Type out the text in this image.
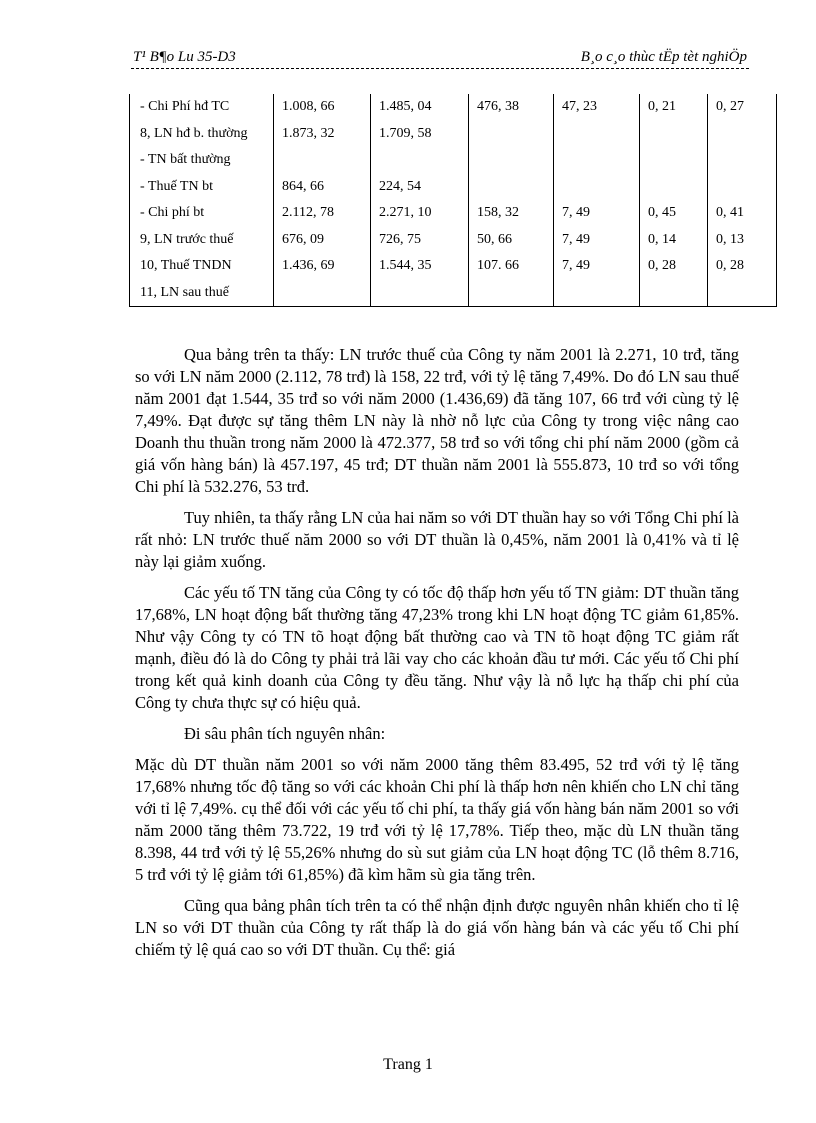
T¹ B¶o Lu 35-D3	B¸o c¸o thùc tËp tèt nghiÖp
- Chi Phí hđ TC	1.008, 66	1.485, 04	476, 38	47, 23	0, 21	0, 27
8, LN hđ b. thường	1.873, 32	1.709, 58				
- TN bất thường						
- Thuế TN bt	864, 66	224, 54				
- Chi phí bt	2.112, 78	2.271, 10	158, 32	7, 49	0, 45	0, 41
9, LN trước thuế	676, 09	726, 75	50, 66	7, 49	0, 14	0, 13
10, Thuế TNDN	1.436, 69	1.544, 35	107. 66	7, 49	0, 28	0, 28
11, LN sau thuế						

Qua bảng trên ta thấy: LN trước thuế của Công ty năm 2001 là 2.271, 10 trđ, tăng so với LN năm 2000 (2.112, 78 trđ) là 158, 22 trđ, với tỷ lệ tăng 7,49%. Do đó LN sau thuế năm 2001 đạt 1.544, 35 trđ so với năm 2000 (1.436,69) đã tăng 107, 66 trđ với cùng tỷ lệ 7,49%. Đạt được sự tăng thêm LN này là nhờ nỗ lực của Công ty trong việc nâng cao Doanh thu thuần trong năm 2000 là 472.377, 58 trđ so với tổng chi phí năm 2000 (gồm cả giá vốn hàng bán) là 457.197, 45 trđ; DT thuần năm 2001 là 555.873, 10 trđ so với tổng Chi phí là 532.276, 53 trđ.

Tuy nhiên, ta thấy rằng LN của hai năm so với DT thuần hay so với Tổng Chi phí là rất nhỏ: LN trước thuế năm 2000 so với DT thuần là 0,45%, năm 2001 là 0,41% và tỉ lệ này lại giảm xuống.

Các yếu tố TN tăng của Công ty có tốc độ thấp hơn yếu tố TN giảm: DT thuần tăng 17,68%, LN hoạt động bất thường tăng 47,23% trong khi LN hoạt động TC giảm 61,85%. Như vậy Công ty có TN tõ hoạt động bất thường cao và TN tõ hoạt động TC giảm rất mạnh, điều đó là do Công ty phải trả lãi vay cho các khoản đầu tư mới. Các yếu tố Chi phí trong kết quả kinh doanh của Công ty đều tăng. Như vậy là nỗ lực hạ thấp chi phí của Công ty chưa thực sự có hiệu quả.

Đi sâu phân tích nguyên nhân:

Mặc dù DT thuần năm 2001 so với năm 2000 tăng thêm 83.495, 52 trđ với tỷ lệ tăng 17,68% nhưng tốc độ tăng so với các khoản Chi phí là thấp hơn nên khiến cho LN chỉ tăng với tỉ lệ 7,49%. cụ thể đối với các yếu tố chi phí, ta thấy giá vốn hàng bán năm 2001 so với năm 2000 tăng thêm 73.722, 19 trđ với tỷ lệ 17,78%. Tiếp theo, mặc dù LN thuần tăng 8.398, 44 trđ với tỷ lệ 55,26% nhưng do sù sut giảm của LN hoạt động TC (lỗ thêm 8.716, 5 trđ với tỷ lệ giảm tới 61,85%) đã kìm hãm sù gia tăng trên.

Cũng qua bảng phân tích trên ta có thể nhận định được nguyên nhân khiến cho tỉ lệ LN so với DT thuần của Công ty rất thấp là do giá vốn hàng bán và các yếu tố Chi phí chiếm tỷ lệ quá cao so với DT thuần. Cụ thể: giá

Trang 1
